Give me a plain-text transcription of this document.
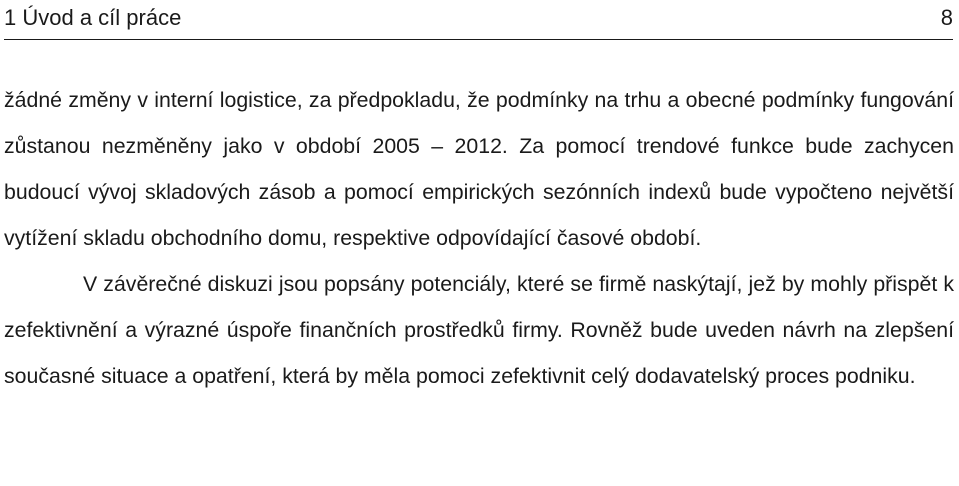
1 Úvod a cíl práce	8

žádné změny v interní logistice, za předpokladu, že podmínky na trhu a obecné podmínky fungování zůstanou nezměněny jako v období 2005 – 2012. Za pomocí trendové funkce bude zachycen budoucí vývoj skladových zásob a pomocí empirických sezónních indexů bude vypočteno největší vytížení skladu obchodního domu, respektive odpovídající časové období.

V závěrečné diskuzi jsou popsány potenciály, které se firmě naskýtají, jež by mohly přispět k zefektivnění a výrazné úspoře finančních prostředků firmy. Rovněž bude uveden návrh na zlepšení současné situace a opatření, která by měla pomoci zefektivnit celý dodavatelský proces podniku.
